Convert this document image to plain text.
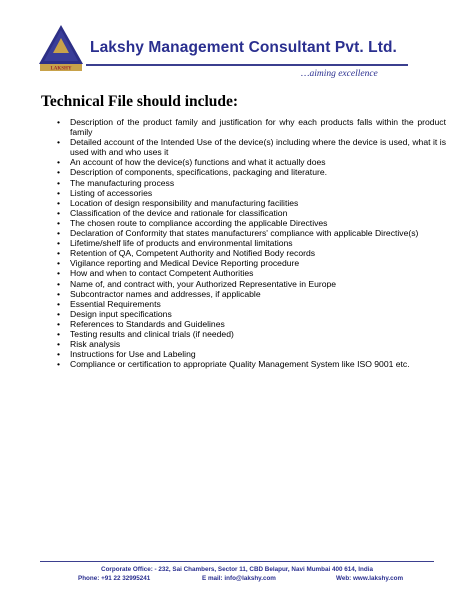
LAKSHY
Lakshy Management Consultant Pvt. Ltd.
…aiming excellence
Technical File should include:
• Description of the product family and justification for why each products falls within the product family
• Detailed account of the Intended Use of the device(s) including where the device is used, what it is used with and who uses it
• An account of how the device(s) functions and what it actually does
• Description of components, specifications, packaging and literature.
• The manufacturing process
• Listing of accessories
• Location of design responsibility and manufacturing facilities
• Classification of the device and rationale for classification
• The chosen route to compliance according the applicable Directives
• Declaration of Conformity that states manufacturers' compliance with applicable Directive(s)
• Lifetime/shelf life of products and environmental limitations
• Retention of QA, Competent Authority and Notified Body records
• Vigilance reporting and Medical Device Reporting procedure
• How and when to contact Competent Authorities
• Name of, and contract with, your Authorized Representative in Europe
• Subcontractor names and addresses, if applicable
• Essential Requirements
• Design input specifications
• References to Standards and Guidelines
• Testing results and clinical trials (if needed)
• Risk analysis
• Instructions for Use and Labeling
• Compliance or certification to appropriate Quality Management System like ISO 9001 etc.
Corporate Office: - 232, Sai Chambers, Sector 11, CBD Belapur, Navi Mumbai 400 614, India
Phone: +91 22 32995241	E mail: info@lakshy.com	Web: www.lakshy.com
